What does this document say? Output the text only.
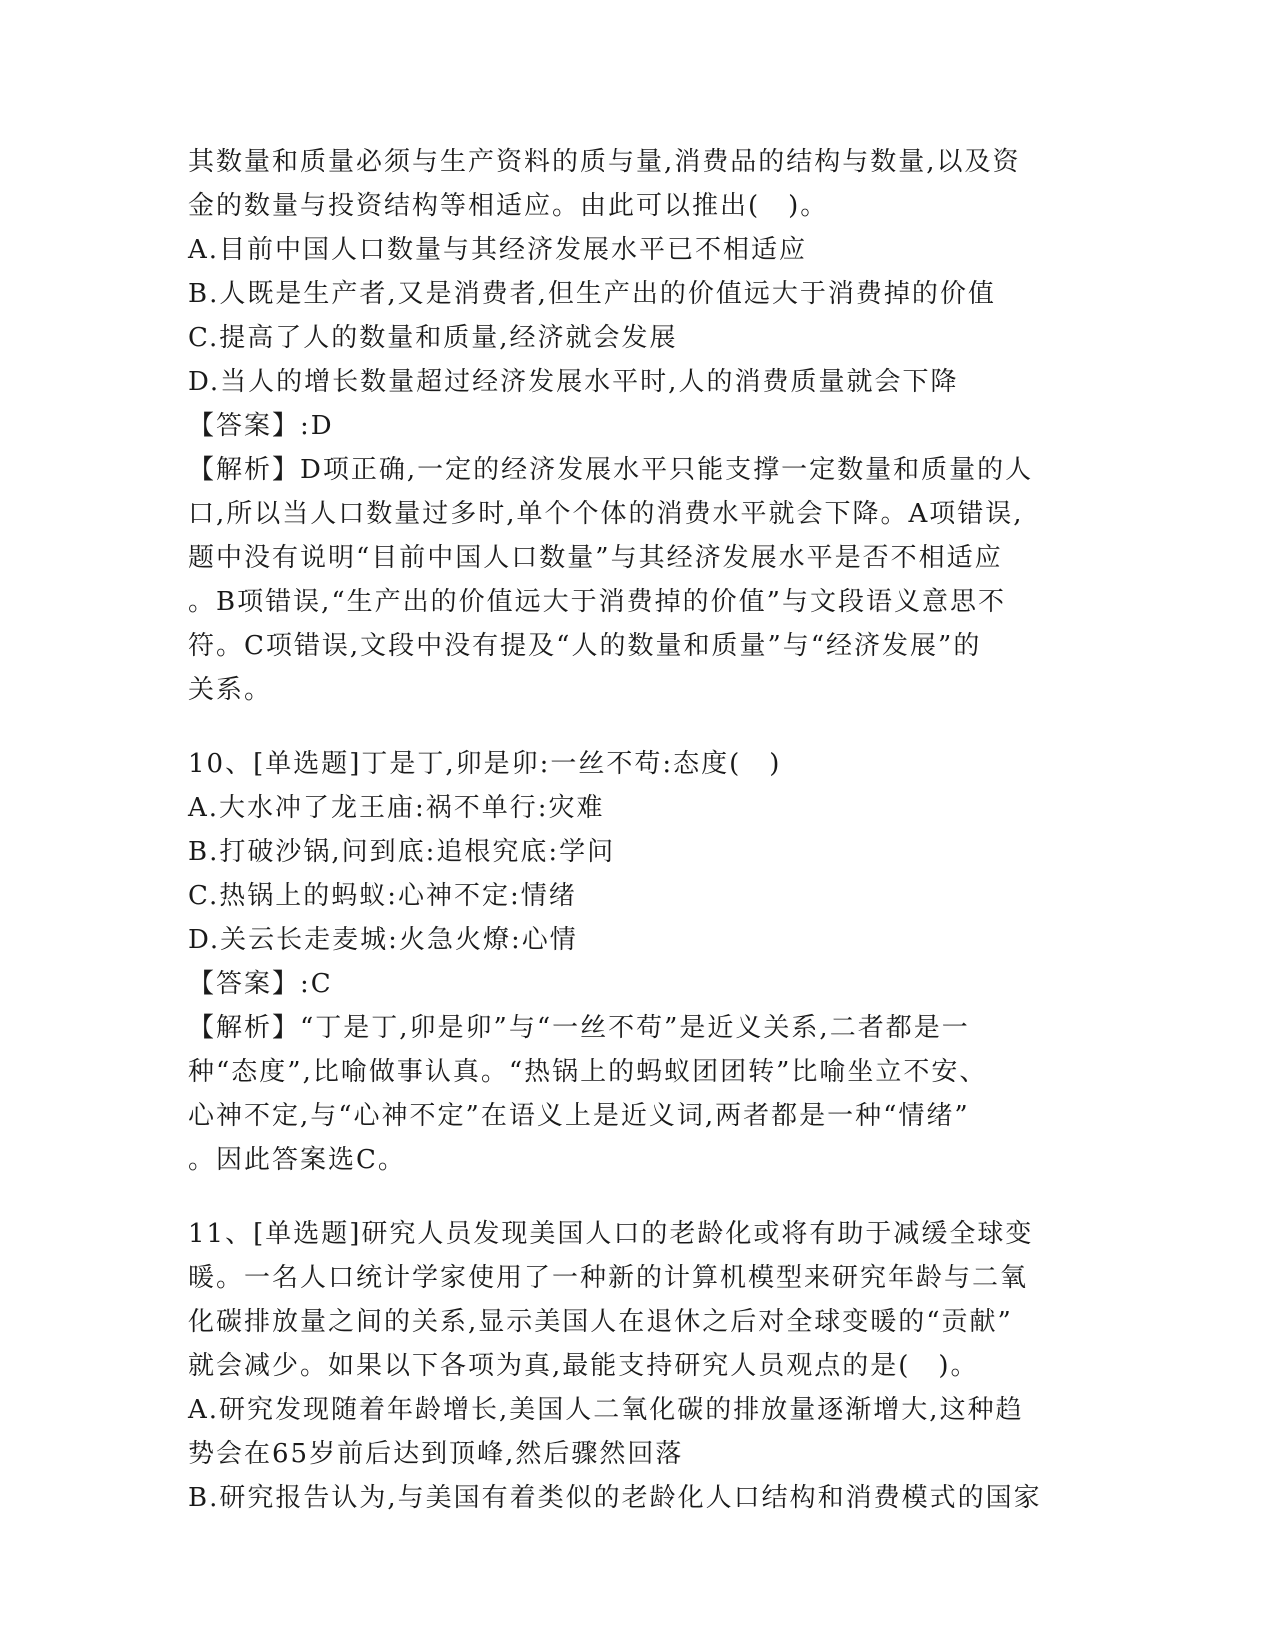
其数量和质量必须与生产资料的质与量,消费品的结构与数量,以及资
金的数量与投资结构等相适应。由此可以推出(　)。
A.目前中国人口数量与其经济发展水平已不相适应
B.人既是生产者,又是消费者,但生产出的价值远大于消费掉的价值
C.提高了人的数量和质量,经济就会发展
D.当人的增长数量超过经济发展水平时,人的消费质量就会下降
【答案】:D
【解析】D项正确,一定的经济发展水平只能支撑一定数量和质量的人
口,所以当人口数量过多时,单个个体的消费水平就会下降。A项错误,
题中没有说明“目前中国人口数量”与其经济发展水平是否不相适应
。B项错误,“生产出的价值远大于消费掉的价值”与文段语义意思不
符。C项错误,文段中没有提及“人的数量和质量”与“经济发展”的
关系。
10、[单选题]丁是丁,卯是卯:一丝不苟:态度(　)
A.大水冲了龙王庙:祸不单行:灾难
B.打破沙锅,问到底:追根究底:学问
C.热锅上的蚂蚁:心神不定:情绪
D.关云长走麦城:火急火燎:心情
【答案】:C
【解析】“丁是丁,卯是卯”与“一丝不苟”是近义关系,二者都是一
种“态度”,比喻做事认真。“热锅上的蚂蚁团团转”比喻坐立不安、
心神不定,与“心神不定”在语义上是近义词,两者都是一种“情绪”
。因此答案选C。
11、[单选题]研究人员发现美国人口的老龄化或将有助于减缓全球变
暖。一名人口统计学家使用了一种新的计算机模型来研究年龄与二氧
化碳排放量之间的关系,显示美国人在退休之后对全球变暖的“贡献”
就会减少。如果以下各项为真,最能支持研究人员观点的是(　)。
A.研究发现随着年龄增长,美国人二氧化碳的排放量逐渐增大,这种趋
势会在65岁前后达到顶峰,然后骤然回落
B.研究报告认为,与美国有着类似的老龄化人口结构和消费模式的国家
